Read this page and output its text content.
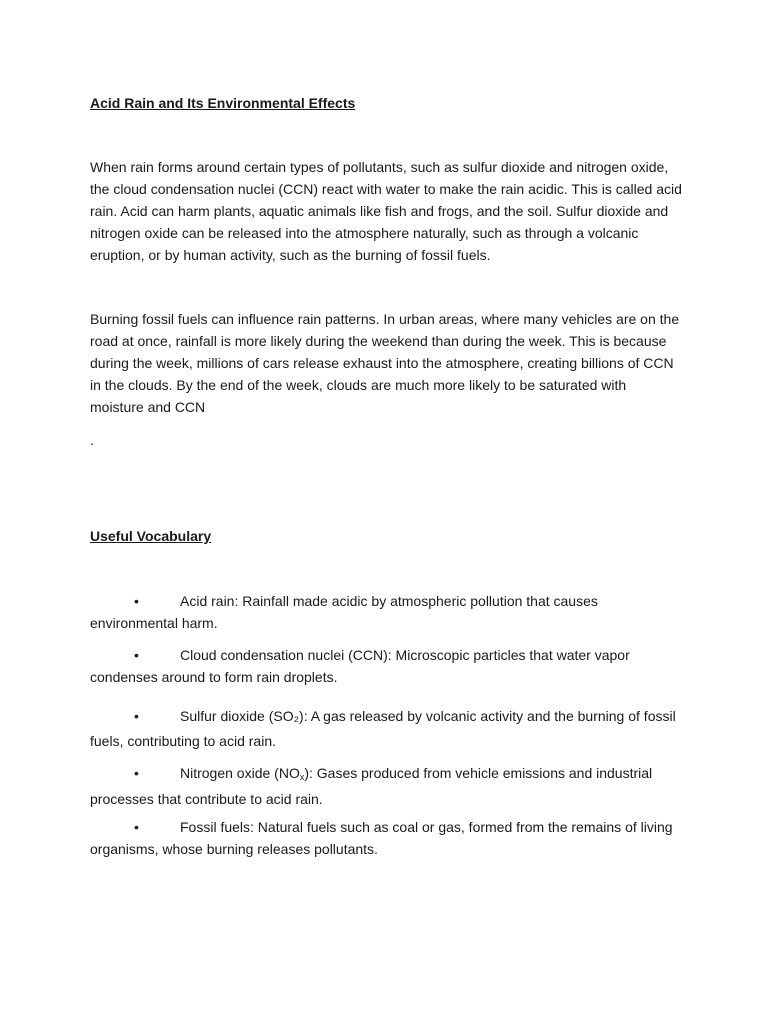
Acid Rain and Its Environmental Effects

When rain forms around certain types of pollutants, such as sulfur dioxide and nitrogen oxide, the cloud condensation nuclei (CCN) react with water to make the rain acidic. This is called acid rain. Acid can harm plants, aquatic animals like fish and frogs, and the soil. Sulfur dioxide and nitrogen oxide can be released into the atmosphere naturally, such as through a volcanic eruption, or by human activity, such as the burning of fossil fuels.

Burning fossil fuels can influence rain patterns. In urban areas, where many vehicles are on the road at once, rainfall is more likely during the weekend than during the week. This is because during the week, millions of cars release exhaust into the atmosphere, creating billions of CCN in the clouds. By the end of the week, clouds are much more likely to be saturated with moisture and CCN

.

Useful Vocabulary

•	Acid rain: Rainfall made acidic by atmospheric pollution that causes environmental harm.

•	Cloud condensation nuclei (CCN): Microscopic particles that water vapor condenses around to form rain droplets.

•	Sulfur dioxide (SO₂): A gas released by volcanic activity and the burning of fossil fuels, contributing to acid rain.

•	Nitrogen oxide $(NO_x)$: Gases produced from vehicle emissions and industrial processes that contribute to acid rain.

•	Fossil fuels: Natural fuels such as coal or gas, formed from the remains of living organisms, whose burning releases pollutants.
